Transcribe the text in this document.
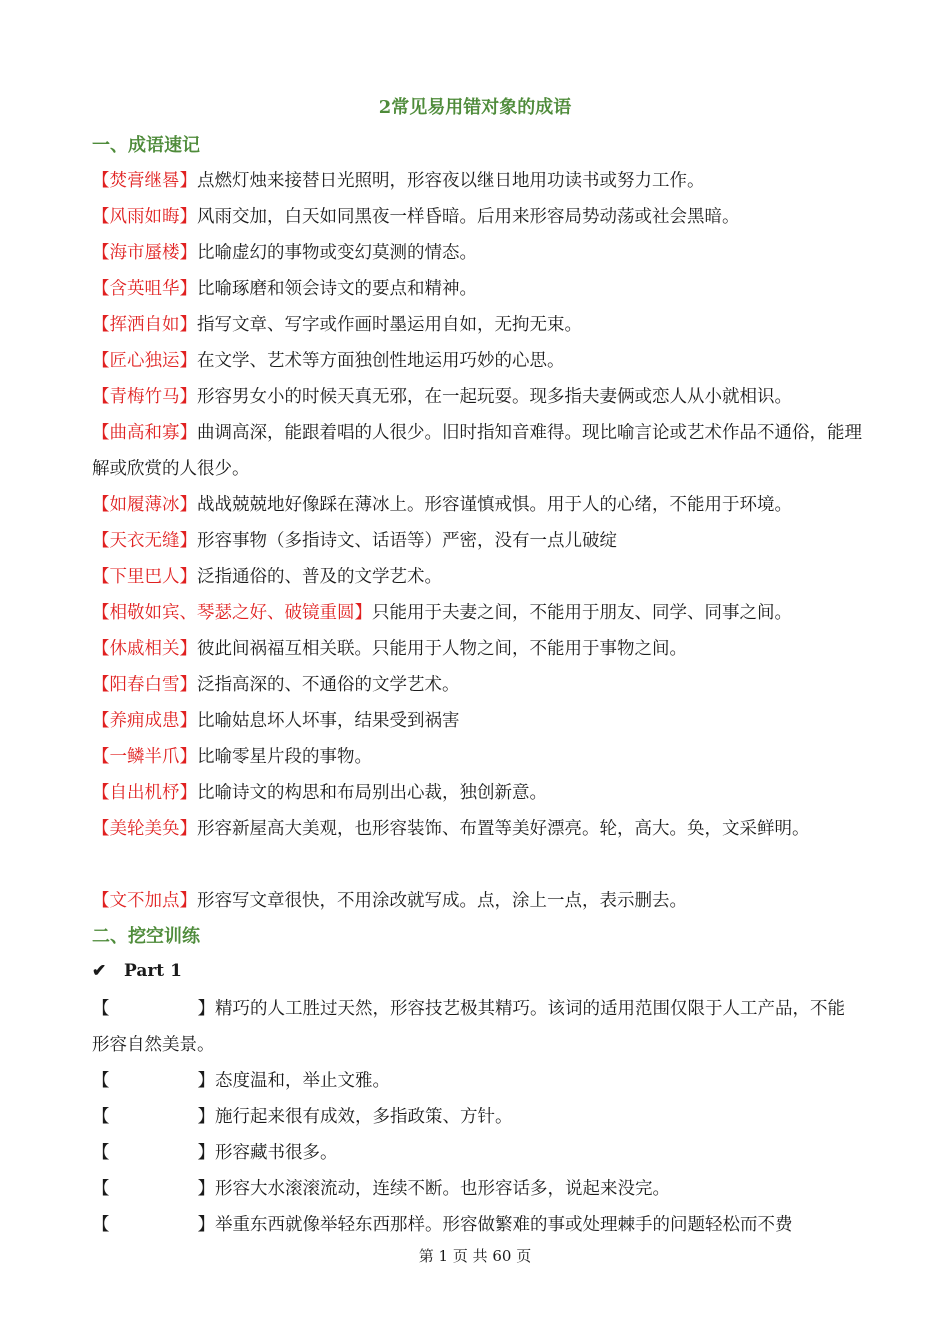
2常见易用错对象的成语
一、成语速记
【焚膏继晷】点燃灯烛来接替日光照明，形容夜以继日地用功读书或努力工作。
【风雨如晦】风雨交加，白天如同黑夜一样昏暗。后用来形容局势动荡或社会黑暗。
【海市蜃楼】比喻虚幻的事物或变幻莫测的情态。
【含英咀华】比喻琢磨和领会诗文的要点和精神。
【挥洒自如】指写文章、写字或作画时墨运用自如，无拘无束。
【匠心独运】在文学、艺术等方面独创性地运用巧妙的心思。
【青梅竹马】形容男女小的时候天真无邪，在一起玩耍。现多指夫妻俩或恋人从小就相识。
【曲高和寡】曲调高深，能跟着唱的人很少。旧时指知音难得。现比喻言论或艺术作品不通俗，能理解或欣赏的人很少。
【如履薄冰】战战兢兢地好像踩在薄冰上。形容谨慎戒惧。用于人的心绪，不能用于环境。
【天衣无缝】形容事物（多指诗文、话语等）严密，没有一点儿破绽
【下里巴人】泛指通俗的、普及的文学艺术。
【相敬如宾、琴瑟之好、破镜重圆】只能用于夫妻之间，不能用于朋友、同学、同事之间。
【休戚相关】彼此间祸福互相关联。只能用于人物之间，不能用于事物之间。
【阳春白雪】泛指高深的、不通俗的文学艺术。
【养痈成患】比喻姑息坏人坏事，结果受到祸害
【一鳞半爪】比喻零星片段的事物。
【自出机杼】比喻诗文的构思和布局别出心裁，独创新意。
【美轮美奂】形容新屋高大美观，也形容装饰、布置等美好漂亮。轮，高大。奂，文采鲜明。
【文不加点】形容写文章很快，不用涂改就写成。点，涂上一点，表示删去。
二、挖空训练
✔ Part 1
【	】精巧的人工胜过天然，形容技艺极其精巧。该词的适用范围仅限于人工产品，不能形容自然美景。
【	】态度温和，举止文雅。
【	】施行起来很有成效，多指政策、方针。
【	】形容藏书很多。
【	】形容大水滚滚流动，连续不断。也形容话多，说起来没完。
【	】举重东西就像举轻东西那样。形容做繁难的事或处理棘手的问题轻松而不费
第 1 页 共 60 页
